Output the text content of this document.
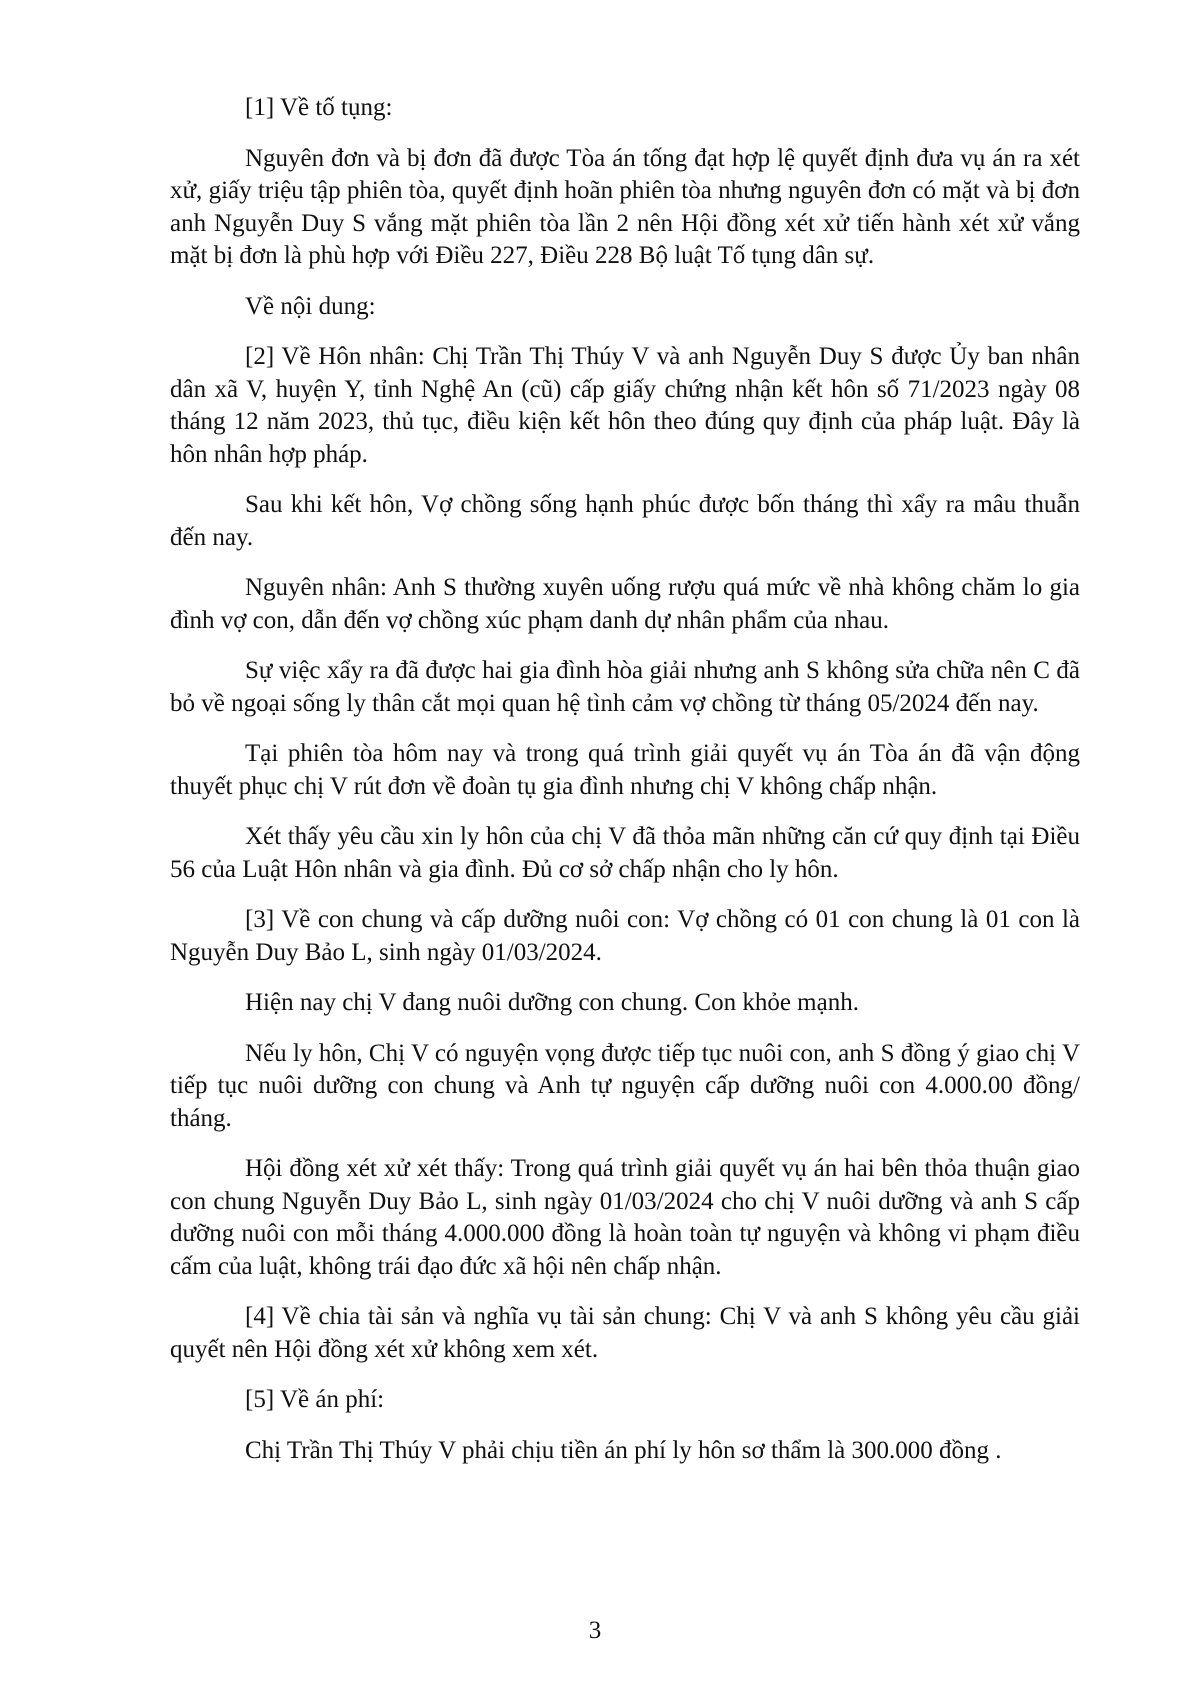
[1] Về tố tụng:

Nguyên đơn và bị đơn đã được Tòa án tống đạt hợp lệ quyết định đưa vụ án ra xét xử, giấy triệu tập phiên tòa, quyết định hoãn phiên tòa nhưng nguyên đơn có mặt và bị đơn anh Nguyễn Duy S vắng mặt phiên tòa lần 2 nên Hội đồng xét xử tiến hành xét xử vắng mặt bị đơn là phù hợp với Điều 227, Điều 228 Bộ luật Tố tụng dân sự.

Về nội dung:

[2] Về Hôn nhân: Chị Trần Thị Thúy V và anh Nguyễn Duy S được Ủy ban nhân dân xã V, huyện Y, tỉnh Nghệ An (cũ) cấp giấy chứng nhận kết hôn số 71/2023 ngày 08 tháng 12 năm 2023, thủ tục, điều kiện kết hôn theo đúng quy định của pháp luật. Đây là hôn nhân hợp pháp.

Sau khi kết hôn, Vợ chồng sống hạnh phúc được bốn tháng thì xẩy ra mâu thuẫn đến nay.

Nguyên nhân: Anh S thường xuyên uống rượu quá mức về nhà không chăm lo gia đình vợ con, dẫn đến vợ chồng xúc phạm danh dự nhân phẩm của nhau.

Sự việc xẩy ra đã được hai gia đình hòa giải nhưng anh S không sửa chữa nên C đã bỏ về ngoại sống ly thân cắt mọi quan hệ tình cảm vợ chồng từ tháng 05/2024 đến nay.

Tại phiên tòa hôm nay và trong quá trình giải quyết vụ án Tòa án đã vận động thuyết phục chị V rút đơn về đoàn tụ gia đình nhưng chị V không chấp nhận.

Xét thấy yêu cầu xin ly hôn của chị V đã thỏa mãn những căn cứ quy định tại Điều 56 của Luật Hôn nhân và gia đình. Đủ cơ sở chấp nhận cho ly hôn.

[3] Về con chung và cấp dưỡng nuôi con: Vợ chồng có 01 con chung là 01 con là Nguyễn Duy Bảo L, sinh ngày 01/03/2024.

Hiện nay chị V đang nuôi dưỡng con chung. Con khỏe mạnh.

Nếu ly hôn, Chị V có nguyện vọng được tiếp tục nuôi con, anh S đồng ý giao chị V tiếp tục nuôi dưỡng con chung và Anh tự nguyện cấp dưỡng nuôi con 4.000.00 đồng/ tháng.

Hội đồng xét xử xét thấy: Trong quá trình giải quyết vụ án hai bên thỏa thuận giao con chung Nguyễn Duy Bảo L, sinh ngày 01/03/2024 cho chị V nuôi dưỡng và anh S cấp dưỡng nuôi con mỗi tháng 4.000.000 đồng là hoàn toàn tự nguyện và không vi phạm điều cấm của luật, không trái đạo đức xã hội nên chấp nhận.

[4] Về chia tài sản và nghĩa vụ tài sản chung: Chị V và anh S không yêu cầu giải quyết nên Hội đồng xét xử không xem xét.

[5] Về án phí:

Chị Trần Thị Thúy V phải chịu tiền án phí ly hôn sơ thẩm là 300.000 đồng .

3
